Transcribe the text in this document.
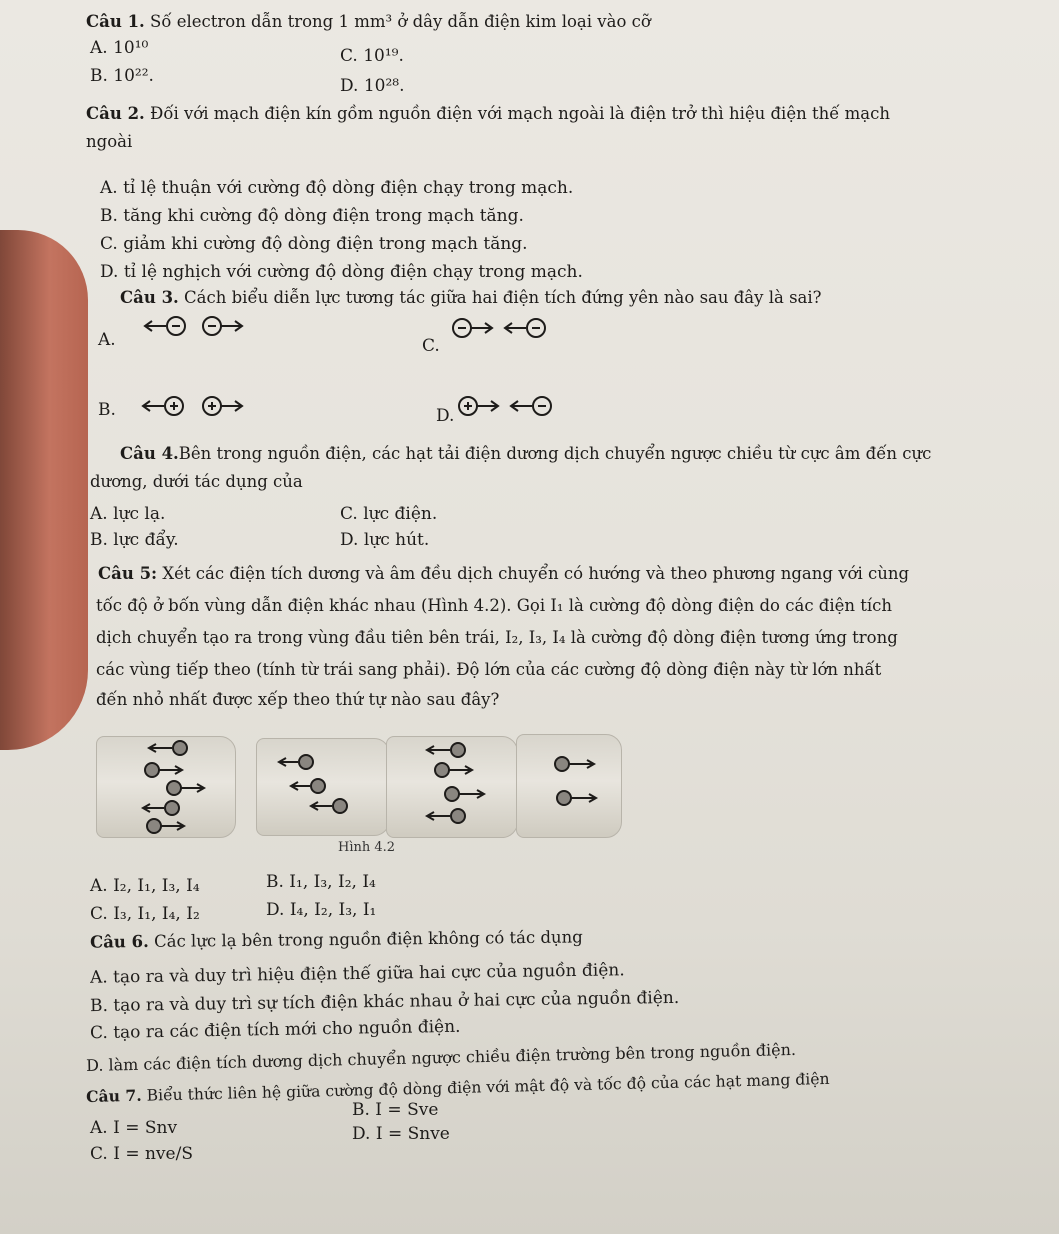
Câu 1. Số electron dẫn trong 1 mm³ ở dây dẫn điện kim loại vào cỡ
A. 10¹⁰	C. 10¹⁹.
B. 10²².	D. 10²⁸.
Câu 2. Đối với mạch điện kín gồm nguồn điện với mạch ngoài là điện trở thì hiệu điện thế mạch
ngoài
A. tỉ lệ thuận với cường độ dòng điện chạy trong mạch.
B. tăng khi cường độ dòng điện trong mạch tăng.
C. giảm khi cường độ dòng điện trong mạch tăng.
D. tỉ lệ nghịch với cường độ dòng điện chạy trong mạch.
Câu 3. Cách biểu diễn lực tương tác giữa hai điện tích đứng yên nào sau đây là sai?
A.	C.
B.	D.
Câu 4.Bên trong nguồn điện, các hạt tải điện dương dịch chuyển ngược chiều từ cực âm đến cực
dương, dưới tác dụng của
A. lực lạ.	C. lực điện.
B. lực đẩy.	D. lực hút.
Câu 5: Xét các điện tích dương và âm đều dịch chuyển có hướng và theo phương ngang với cùng
tốc độ ở bốn vùng dẫn điện khác nhau (Hình 4.2). Gọi I₁ là cường độ dòng điện do các điện tích
dịch chuyển tạo ra trong vùng đầu tiên bên trái, I₂, I₃, I₄ là cường độ dòng điện tương ứng trong
các vùng tiếp theo (tính từ trái sang phải). Độ lớn của các cường độ dòng điện này từ lớn nhất
đến nhỏ nhất được xếp theo thứ tự nào sau đây?
Hình 4.2
A. I₂, I₁, I₃, I₄	B. I₁, I₃, I₂, I₄
C. I₃, I₁, I₄, I₂	D. I₄, I₂, I₃, I₁
Câu 6. Các lực lạ bên trong nguồn điện không có tác dụng
A. tạo ra và duy trì hiệu điện thế giữa hai cực của nguồn điện.
B. tạo ra và duy trì sự tích điện khác nhau ở hai cực của nguồn điện.
C. tạo ra các điện tích mới cho nguồn điện.
D. làm các điện tích dương dịch chuyển ngược chiều điện trường bên trong nguồn điện.
Câu 7. Biểu thức liên hệ giữa cường độ dòng điện với mật độ và tốc độ của các hạt mang điện
A. I = Snv
B. I = Sve
C. I = nve/S
D. I = Snve
